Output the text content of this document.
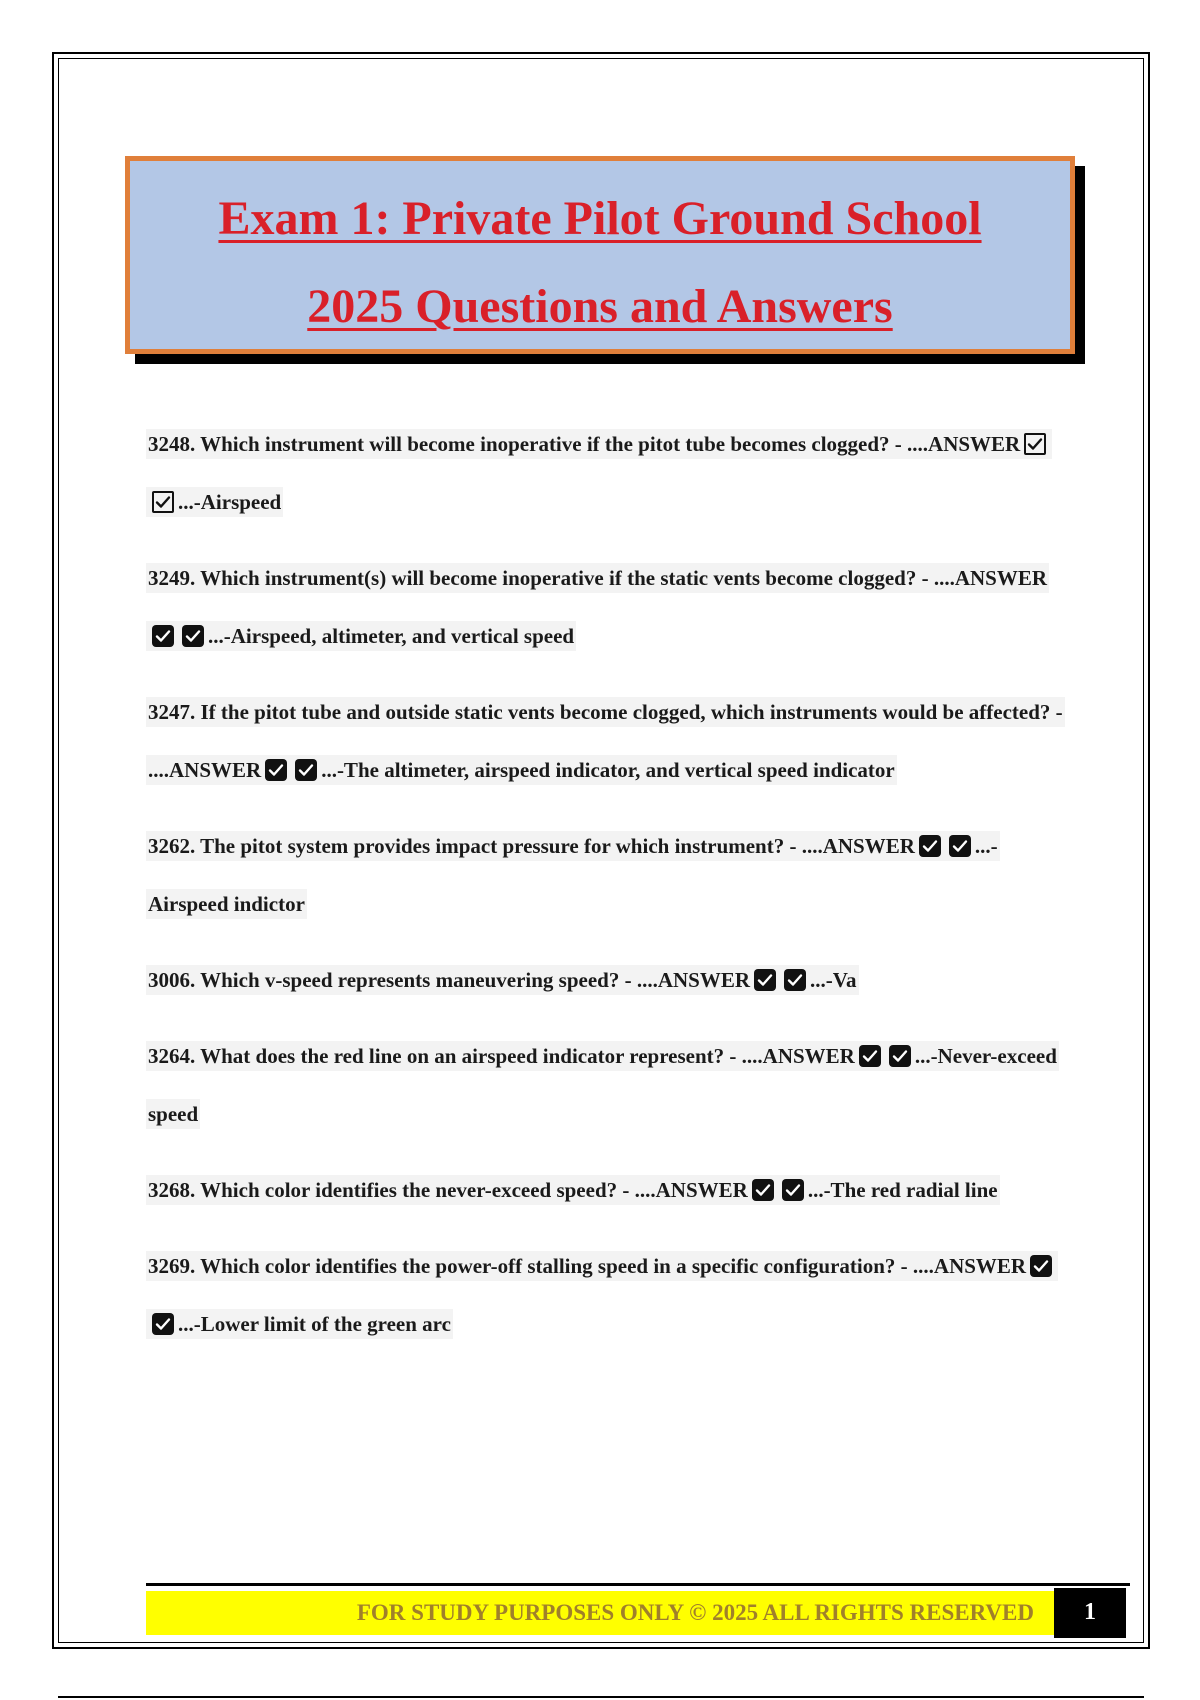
Exam 1: Private Pilot Ground School
2025 Questions and Answers
3248. Which instrument will become inoperative if the pitot tube becomes clogged? - ....ANSWER
...-Airspeed
3249. Which instrument(s) will become inoperative if the static vents become clogged? - ....ANSWER
...-Airspeed, altimeter, and vertical speed
3247. If the pitot tube and outside static vents become clogged, which instruments would be affected? - ....ANSWER	...-The altimeter, airspeed indicator, and vertical speed indicator
3262. The pitot system provides impact pressure for which instrument? - ....ANSWER	...-Airspeed indictor
3006. Which v-speed represents maneuvering speed? - ....ANSWER	...-Va
3264. What does the red line on an airspeed indicator represent? - ....ANSWER	...-Never-exceed speed
3268. Which color identifies the never-exceed speed? - ....ANSWER	...-The red radial line
3269. Which color identifies the power-off stalling speed in a specific configuration? - ....ANSWER
...-Lower limit of the green arc
FOR STUDY PURPOSES ONLY © 2025 ALL RIGHTS RESERVED	1
